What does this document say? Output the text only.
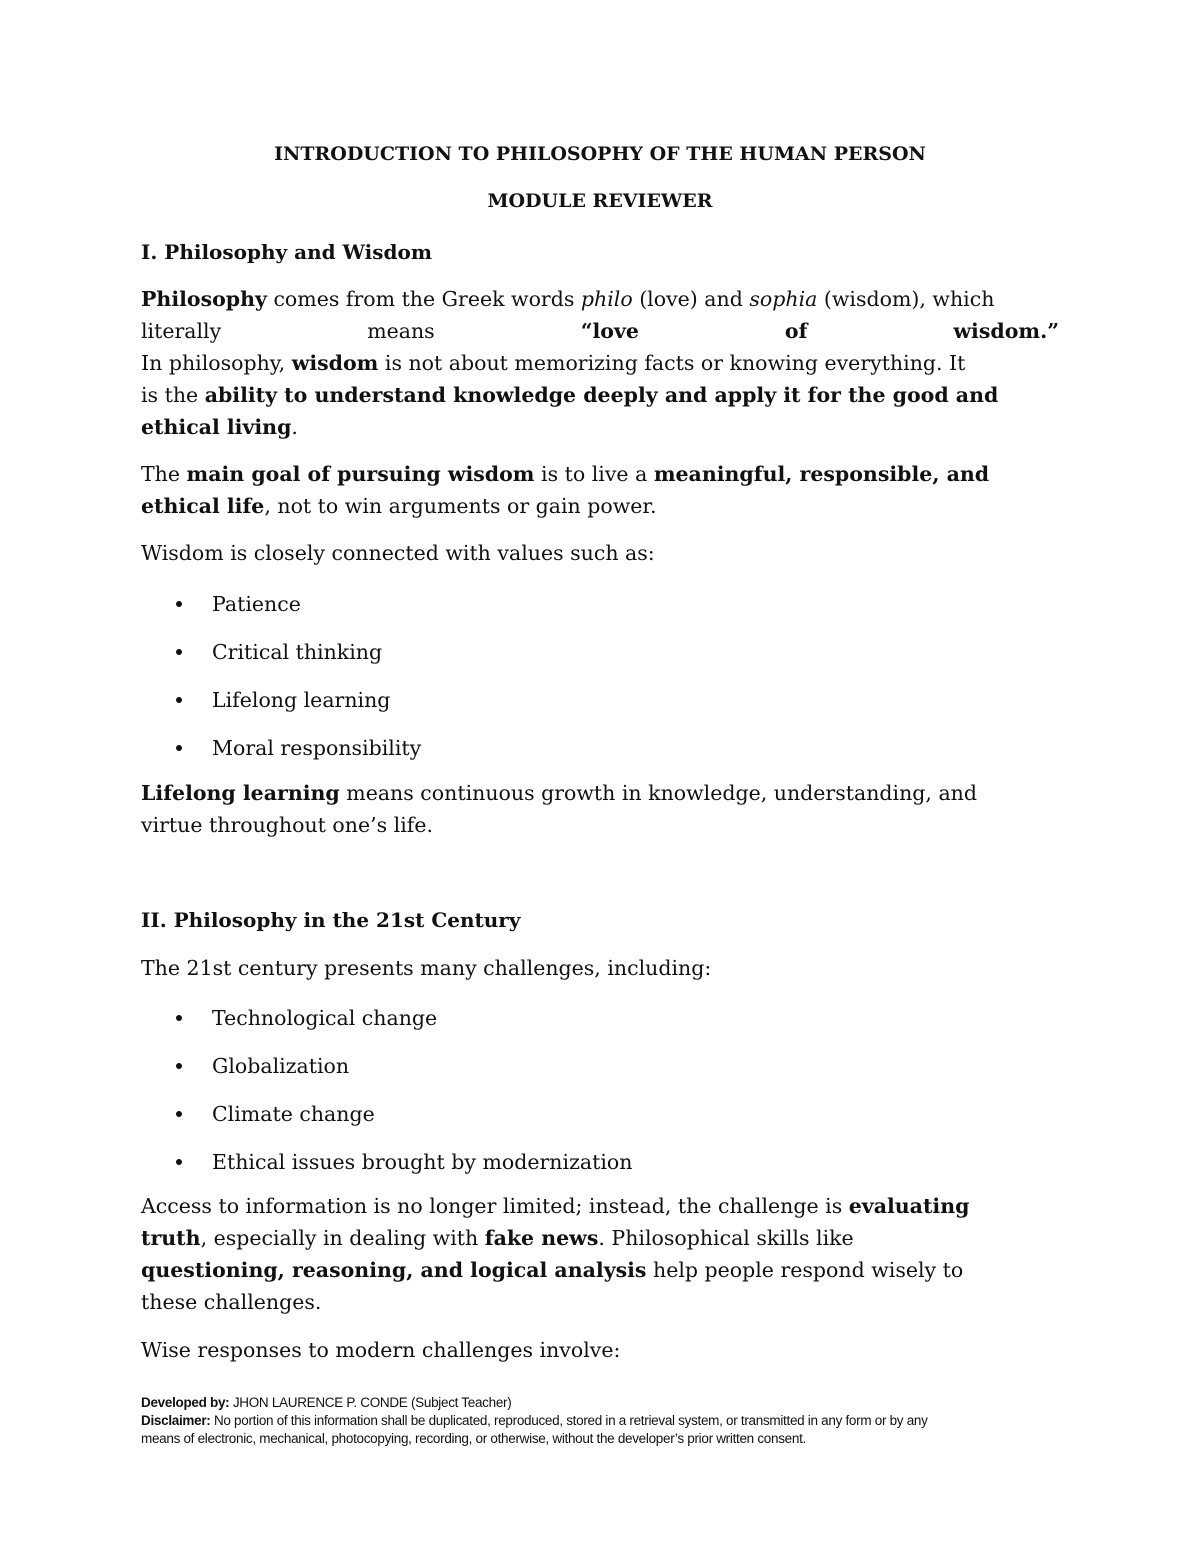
INTRODUCTION TO PHILOSOPHY OF THE HUMAN PERSON
MODULE REVIEWER
I. Philosophy and Wisdom
Philosophy comes from the Greek words philo (love) and sophia (wisdom), which
literally	means	“love	of	wisdom.”
In philosophy, wisdom is not about memorizing facts or knowing everything. It
is the ability to understand knowledge deeply and apply it for the good and
ethical living.
The main goal of pursuing wisdom is to live a meaningful, responsible, and
ethical life, not to win arguments or gain power.
Wisdom is closely connected with values such as:
Patience
Critical thinking
Lifelong learning
Moral responsibility
Lifelong learning means continuous growth in knowledge, understanding, and
virtue throughout one’s life.
II. Philosophy in the 21st Century
The 21st century presents many challenges, including:
Technological change
Globalization
Climate change
Ethical issues brought by modernization
Access to information is no longer limited; instead, the challenge is evaluating
truth, especially in dealing with fake news. Philosophical skills like
questioning, reasoning, and logical analysis help people respond wisely to
these challenges.
Wise responses to modern challenges involve:
Developed by: JHON LAURENCE P. CONDE (Subject Teacher)
Disclaimer: No portion of this information shall be duplicated, reproduced, stored in a retrieval system, or transmitted in any form or by any
means of electronic, mechanical, photocopying, recording, or otherwise, without the developer’s prior written consent.
